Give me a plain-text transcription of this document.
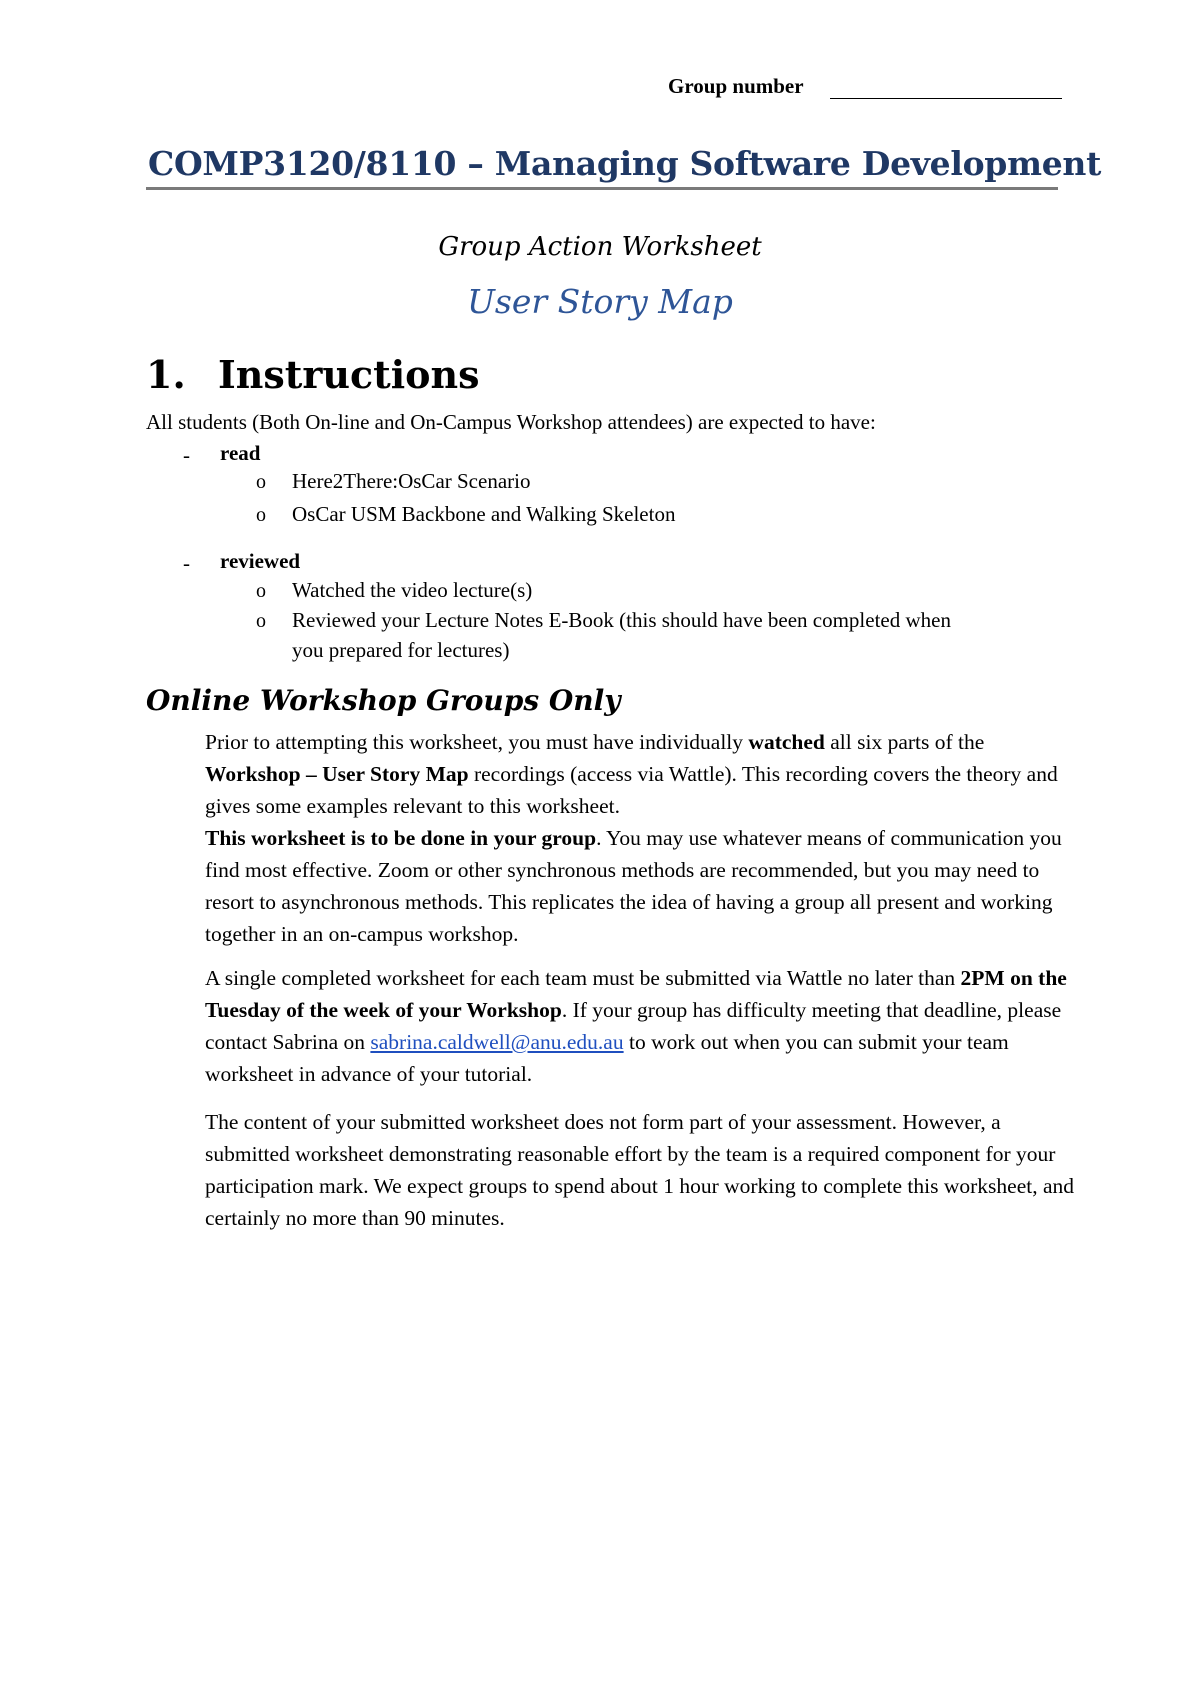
Group number
COMP3120/8110 – Managing Software Development
Group Action Worksheet
User Story Map
1. Instructions
All students (Both On-line and On-Campus Workshop attendees) are expected to have:
- read
o Here2There:OsCar Scenario
o OsCar USM Backbone and Walking Skeleton
- reviewed
o Watched the video lecture(s)
o Reviewed your Lecture Notes E-Book (this should have been completed when
you prepared for lectures)
Online Workshop Groups Only
Prior to attempting this worksheet, you must have individually watched all six parts of the Workshop – User Story Map recordings (access via Wattle). This recording covers the theory and gives some examples relevant to this worksheet.
This worksheet is to be done in your group. You may use whatever means of communication you find most effective. Zoom or other synchronous methods are recommended, but you may need to resort to asynchronous methods. This replicates the idea of having a group all present and working together in an on-campus workshop.
A single completed worksheet for each team must be submitted via Wattle no later than 2PM on the Tuesday of the week of your Workshop. If your group has difficulty meeting that deadline, please contact Sabrina on sabrina.caldwell@anu.edu.au to work out when you can submit your team worksheet in advance of your tutorial.
The content of your submitted worksheet does not form part of your assessment. However, a submitted worksheet demonstrating reasonable effort by the team is a required component for your participation mark. We expect groups to spend about 1 hour working to complete this worksheet, and certainly no more than 90 minutes.
